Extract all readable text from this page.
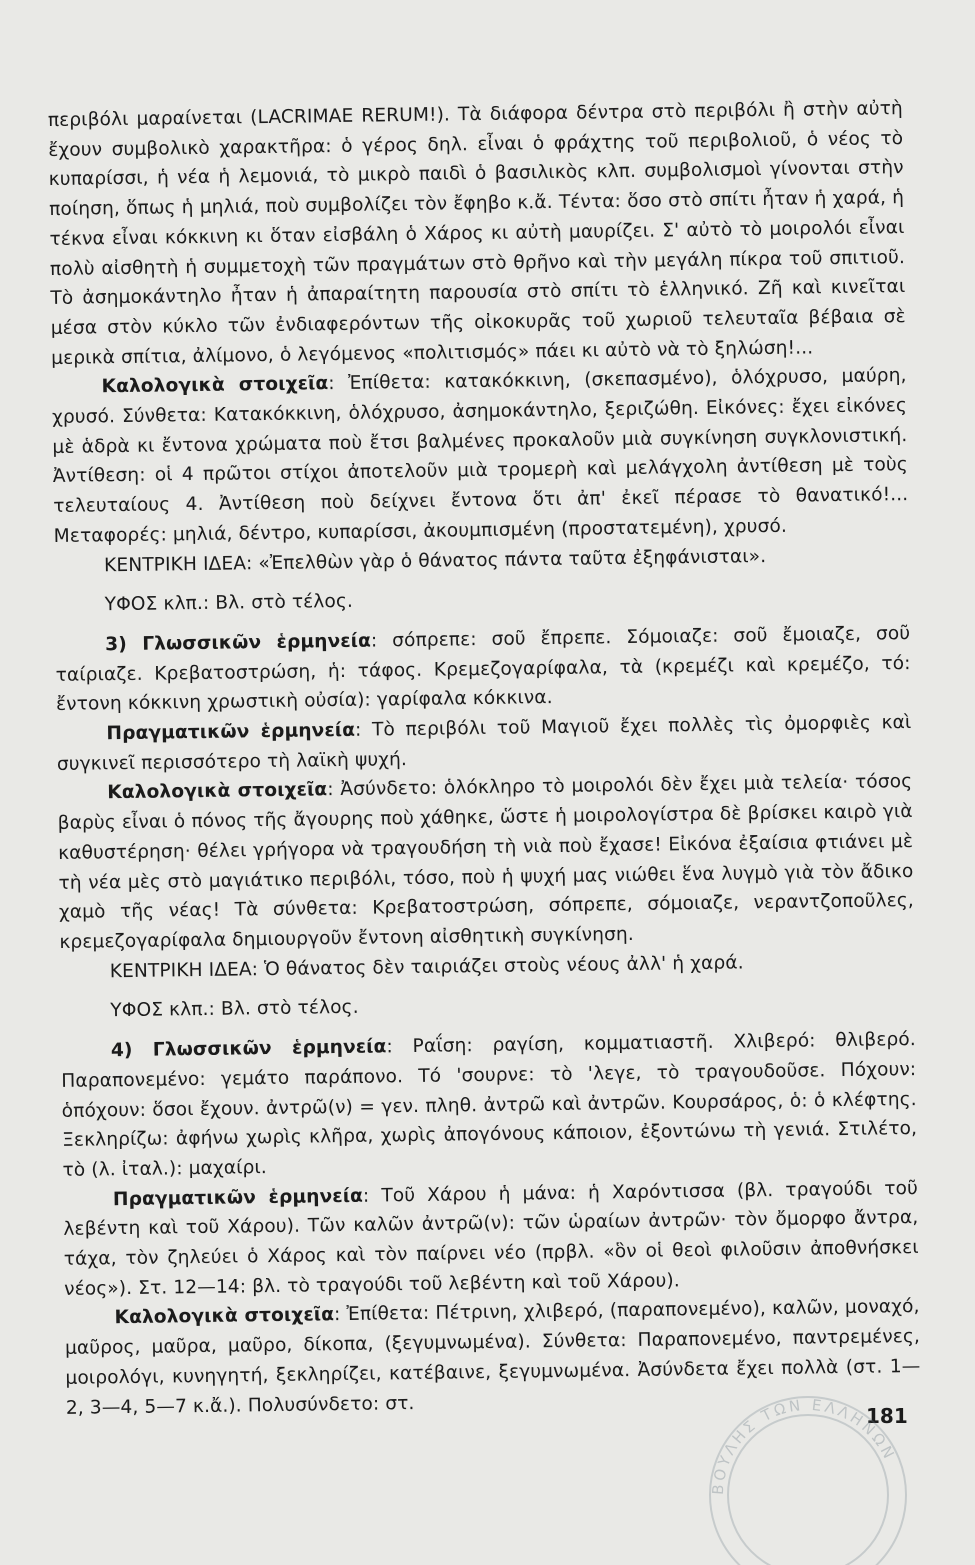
περιβόλι μαραίνεται (LACRIMAE RERUM!). Τὰ διάφορα δέντρα στὸ περιβόλι ἢ στὴν αὐτὴ ἔχουν συμβολικὸ χαρακτῆρα: ὁ γέρος δηλ. εἶναι ὁ φράχτης τοῦ περιβολιοῦ, ὁ νέος τὸ κυπαρίσσι, ἡ νέα ἡ λεμονιά, τὸ μικρὸ παιδὶ ὁ βασιλικὸς κλπ. συμβολισμοὶ γίνονται στὴν ποίηση, ὅπως ἡ μηλιά, ποὺ συμβολίζει τὸν ἔφηβο κ.ἄ. Τέντα: ὅσο στὸ σπίτι ἦταν ἡ χαρά, ἡ τέκνα εἶναι κόκκινη κι ὅταν εἰσβάλη ὁ Χάρος κι αὐτὴ μαυρίζει. Σ' αὐτὸ τὸ μοιρολόι εἶναι πολὺ αἰσθητὴ ἡ συμμετοχὴ τῶν πραγμάτων στὸ θρῆνο καὶ τὴν μεγάλη πίκρα τοῦ σπιτιοῦ. Τὸ ἀσημοκάντηλο ἦταν ἡ ἀπαραίτητη παρουσία στὸ σπίτι τὸ ἑλληνικό. Ζῆ καὶ κινεῖται μέσα στὸν κύκλο τῶν ἐνδιαφερόντων τῆς οἰκοκυρᾶς τοῦ χωριοῦ τελευταῖα βέβαια σὲ μερικὰ σπίτια, ἀλίμονο, ὁ λεγόμενος «πολιτισμός» πάει κι αὐτὸ νὰ τὸ ξηλώση!...

Καλολογικὰ στοιχεῖα: Ἐπίθετα: κατακόκκινη, (σκεπασμένο), ὁλόχρυσο, μαύρη, χρυσό. Σύνθετα: Κατακόκκινη, ὁλόχρυσο, ἀσημοκάντηλο, ξεριζώθη. Εἰκόνες: ἔχει εἰκόνες μὲ ἁδρὰ κι ἔντονα χρώματα ποὺ ἔτσι βαλμένες προκαλοῦν μιὰ συγκίνηση συγκλονιστική. Ἀντίθεση: οἱ 4 πρῶτοι στίχοι ἀποτελοῦν μιὰ τρομερὴ καὶ μελάγχολη ἀντίθεση μὲ τοὺς τελευταίους 4. Ἀντίθεση ποὺ δείχνει ἔντονα ὅτι ἀπ' ἐκεῖ πέρασε τὸ θανατικό!... Μεταφορές: μηλιά, δέντρο, κυπαρίσσι, ἀκουμπισμένη (προστατεμένη), χρυσό.

ΚΕΝΤΡΙΚΗ ΙΔΕΑ: «Ἐπελθὼν γὰρ ὁ θάνατος πάντα ταῦτα ἐξηφάνισται».

ΥΦΟΣ κλπ.: Βλ. στὸ τέλος.

3) Γλωσσικῶν ἑρμηνεία: σόπρεπε: σοῦ ἔπρεπε. Σόμοιαζε: σοῦ ἔμοιαζε, σοῦ ταίριαζε. Κρεβατοστρώση, ἡ: τάφος. Κρεμεζογαρίφαλα, τὰ (κρεμέζι καὶ κρεμέζο, τό: ἔντονη κόκκινη χρωστικὴ οὐσία): γαρίφαλα κόκκινα.

Πραγματικῶν ἑρμηνεία: Τὸ περιβόλι τοῦ Μαγιοῦ ἔχει πολλὲς τὶς ὀμορφιὲς καὶ συγκινεῖ περισσότερο τὴ λαϊκὴ ψυχή.

Καλολογικὰ στοιχεῖα: Ἀσύνδετο: ὁλόκληρο τὸ μοιρολόι δὲν ἔχει μιὰ τελεία· τόσος βαρὺς εἶναι ὁ πόνος τῆς ἄγουρης ποὺ χάθηκε, ὥστε ἡ μοιρολογίστρα δὲ βρίσκει καιρὸ γιὰ καθυστέρηση· θέλει γρήγορα νὰ τραγουδήση τὴ νιὰ ποὺ ἔχασε! Εἰκόνα ἐξαίσια φτιάνει μὲ τὴ νέα μὲς στὸ μαγιάτικο περιβόλι, τόσο, ποὺ ἡ ψυχή μας νιώθει ἕνα λυγμὸ γιὰ τὸν ἄδικο χαμὸ τῆς νέας! Τὰ σύνθετα: Κρεβατοστρώση, σόπρεπε, σόμοιαζε, νεραντζοποῦλες, κρεμεζογαρίφαλα δημιουργοῦν ἔντονη αἰσθητικὴ συγκίνηση.

ΚΕΝΤΡΙΚΗ ΙΔΕΑ: Ὁ θάνατος δὲν ταιριάζει στοὺς νέους ἀλλ' ἡ χαρά.

ΥΦΟΣ κλπ.: Βλ. στὸ τέλος.

4) Γλωσσικῶν ἑρμηνεία: Ραΐση: ραγίση, κομματιαστῆ. Χλιβερό: θλιβερό. Παραπονεμένο: γεμάτο παράπονο. Τό 'σουρνε: τὸ 'λεγε, τὸ τραγουδοῦσε. Πόχουν: ὁπόχουν: ὅσοι ἔχουν. ἀντρῶ(ν) = γεν. πληθ. ἀντρῶ καὶ ἀντρῶν. Κουρσάρος, ὁ: ὁ κλέφτης. Ξεκληρίζω: ἀφήνω χωρὶς κλῆρα, χωρὶς ἀπογόνους κάποιον, ἐξοντώνω τὴ γενιά. Στιλέτο, τὸ (λ. ἰταλ.): μαχαίρι.

Πραγματικῶν ἑρμηνεία: Τοῦ Χάρου ἡ μάνα: ἡ Χαρόντισσα (βλ. τραγούδι τοῦ λεβέντη καὶ τοῦ Χάρου). Τῶν καλῶν ἀντρῶ(ν): τῶν ὡραίων ἀντρῶν· τὸν ὄμορφο ἄντρα, τάχα, τὸν ζηλεύει ὁ Χάρος καὶ τὸν παίρνει νέο (πρβλ. «ὃν οἱ θεοὶ φιλοῦσιν ἀποθνήσκει νέος»). Στ. 12—14: βλ. τὸ τραγούδι τοῦ λεβέντη καὶ τοῦ Χάρου).

Καλολογικὰ στοιχεῖα: Ἐπίθετα: Πέτρινη, χλιβερό, (παραπονεμένο), καλῶν, μοναχό, μαῦρος, μαῦρα, μαῦρο, δίκοπα, (ξεγυμνωμένα). Σύνθετα: Παραπονεμένο, παντρεμένες, μοιρολόγι, κυνηγητή, ξεκληρίζει, κατέβαινε, ξεγυμνωμένα. Ἀσύνδετα ἔχει πολλὰ (στ. 1—2, 3—4, 5—7 κ.ἄ.). Πολυσύνδετο: στ.	181
ΒΟΥΛΗΣ ΤΩΝ ΕΛΛΗΝΩΝ
